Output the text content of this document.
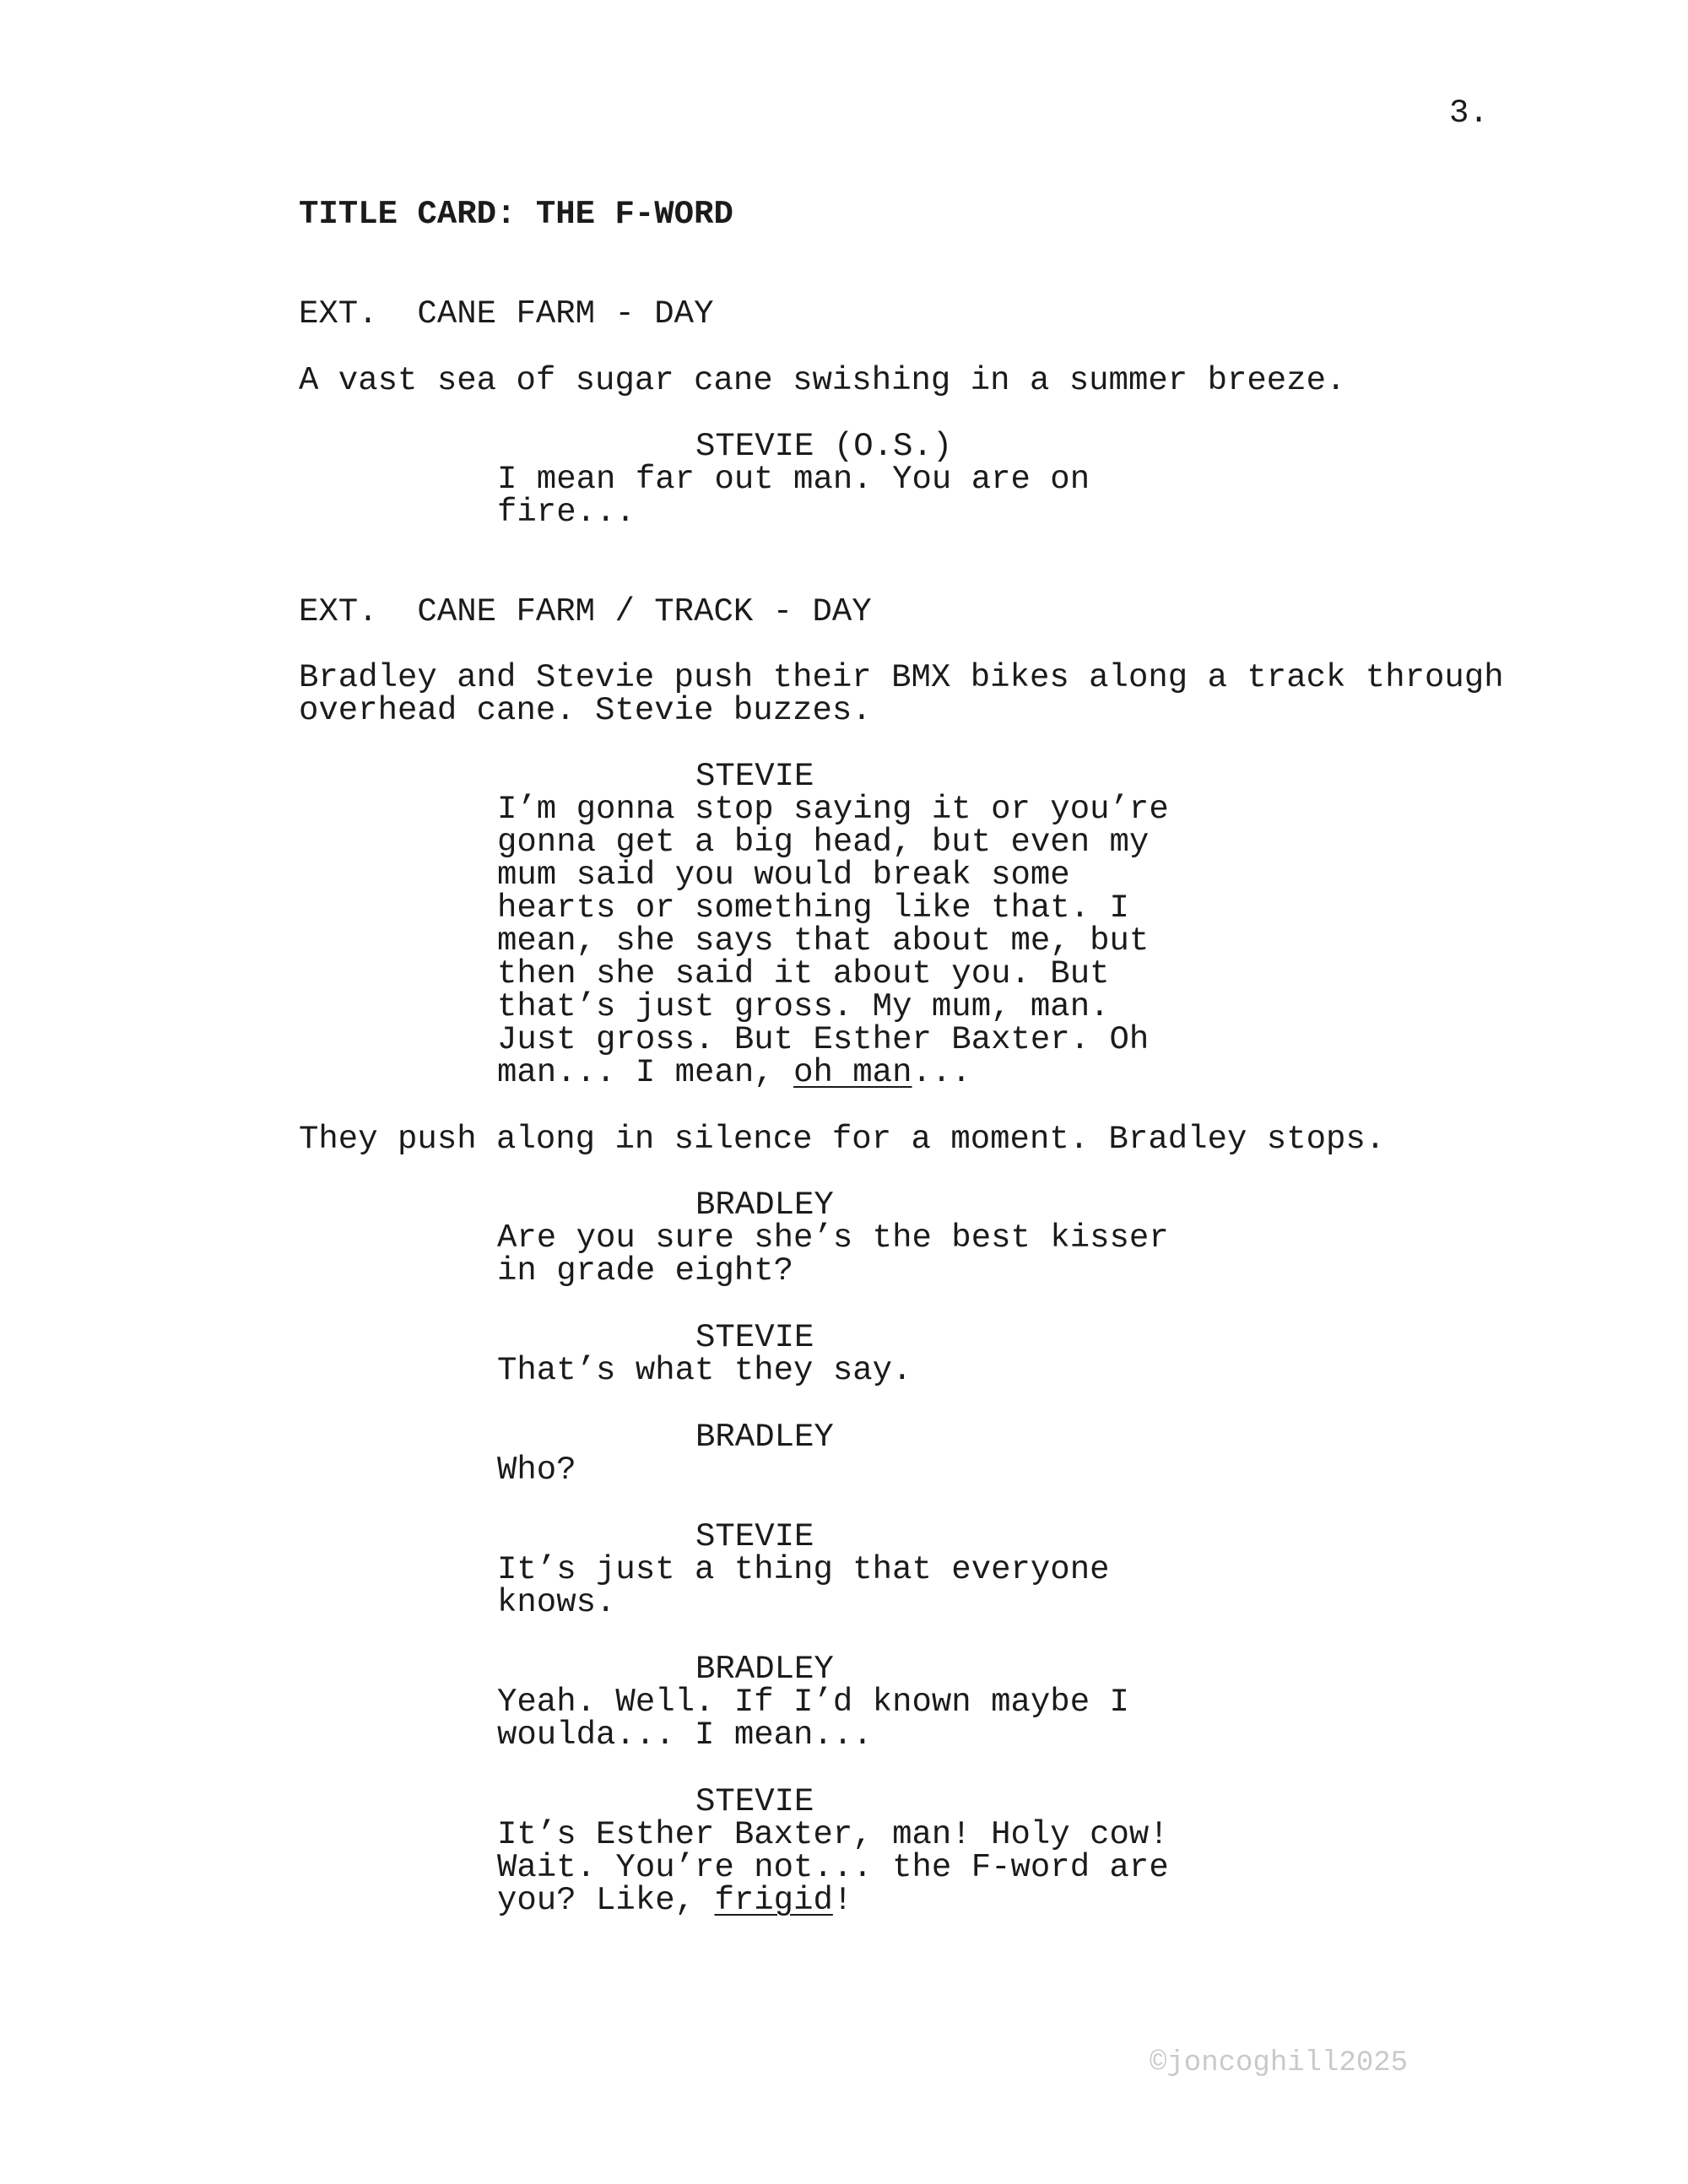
3.
TITLE CARD: THE F-WORD
EXT.  CANE FARM - DAY
A vast sea of sugar cane swishing in a summer breeze.
STEVIE (O.S.)
I mean far out man. You are on
fire...
EXT.  CANE FARM / TRACK - DAY
Bradley and Stevie push their BMX bikes along a track through
overhead cane. Stevie buzzes.
STEVIE
I’m gonna stop saying it or you’re
gonna get a big head, but even my
mum said you would break some
hearts or something like that. I
mean, she says that about me, but
then she said it about you. But
that’s just gross. My mum, man.
Just gross. But Esther Baxter. Oh
man... I mean, oh man...
They push along in silence for a moment. Bradley stops.
BRADLEY
Are you sure she’s the best kisser
in grade eight?
STEVIE
That’s what they say.
BRADLEY
Who?
STEVIE
It’s just a thing that everyone
knows.
BRADLEY
Yeah. Well. If I’d known maybe I
woulda... I mean...
STEVIE
It’s Esther Baxter, man! Holy cow!
Wait. You’re not... the F-word are
you? Like, frigid!
©joncoghill2025
